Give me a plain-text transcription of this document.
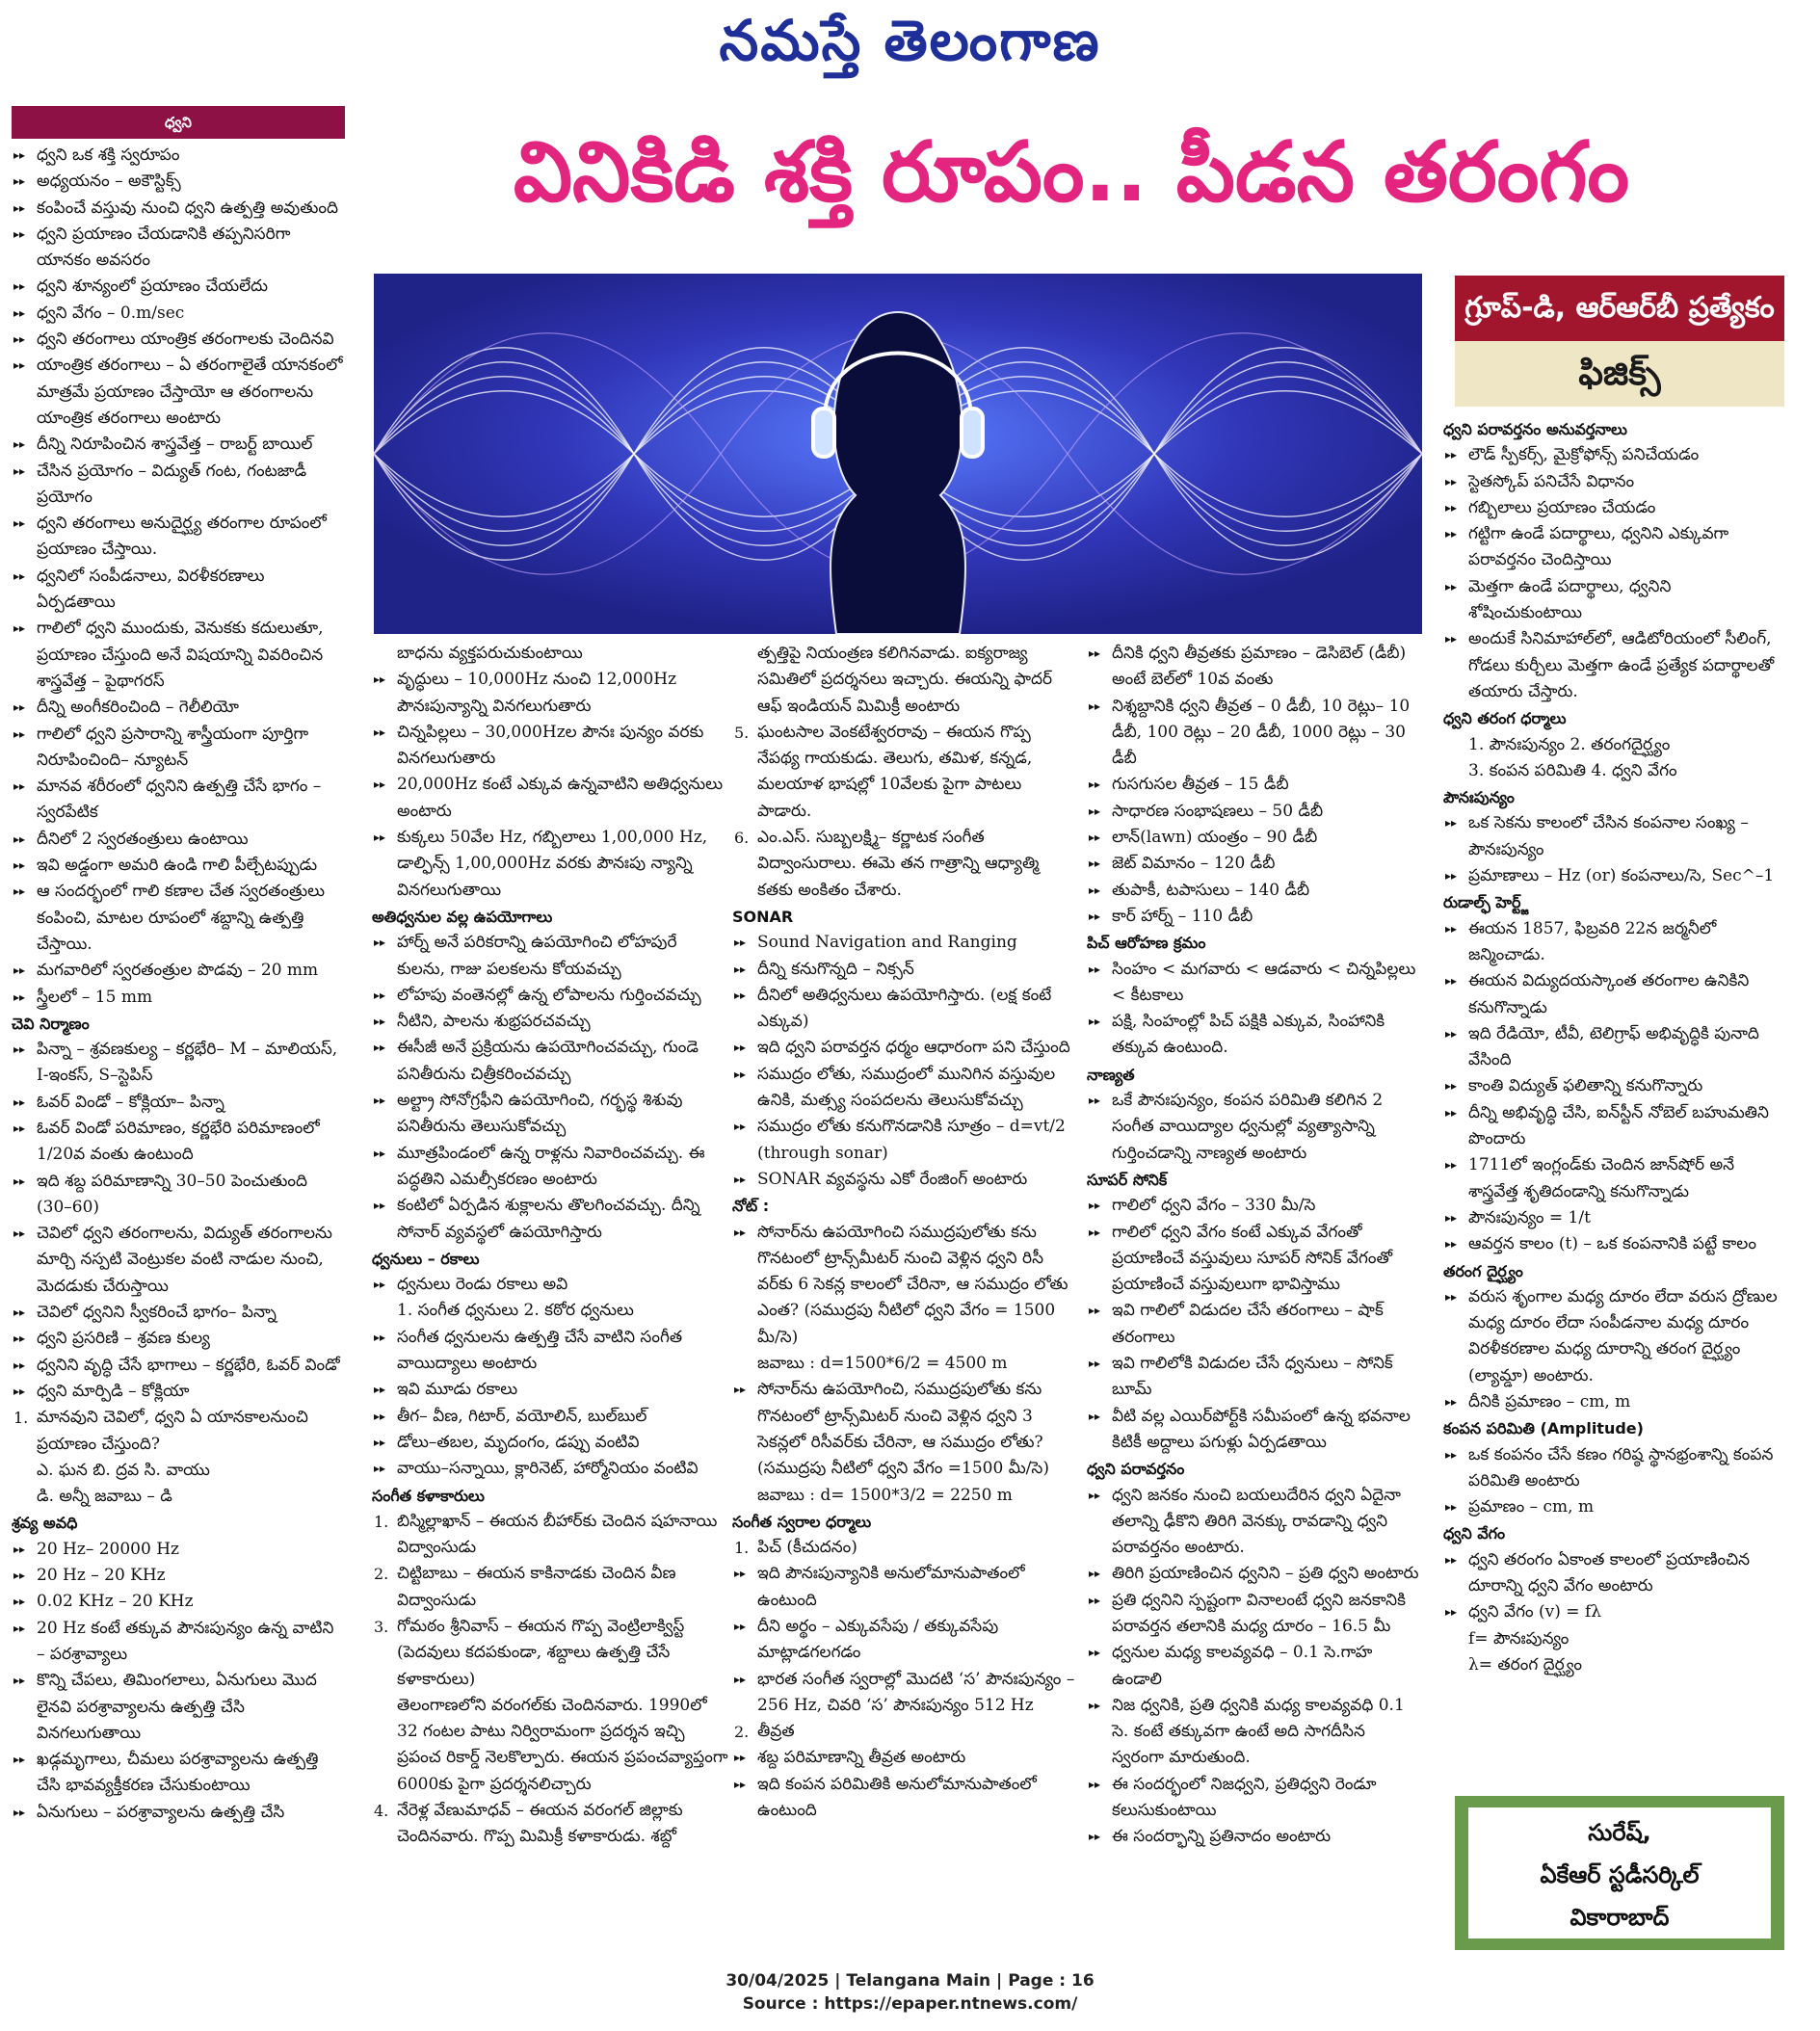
నమస్తే తెలంగాణ
వినికిడి శక్తి రూపం.. పీడన తరంగం
ధ్వని
▸▸ ధ్వని ఒక శక్తి స్వరూపం
▸▸ అధ్యయనం – అకౌస్టిక్స్‌
▸▸ కంపించే వస్తువు నుంచి ధ్వని ఉత్పత్తి అవుతుంది
▸▸ ధ్వని ప్రయాణం చేయడానికి తప్పనిసరిగా యానకం అవసరం
▸▸ ధ్వని శూన్యంలో ప్రయాణం చేయలేదు
▸▸ ధ్వని వేగం – 0.m/sec
▸▸ ధ్వని తరంగాలు యాంత్రిక తరంగాలకు చెందినవి
▸▸ యాంత్రిక తరంగాలు – ఏ తరంగాలైతే యానకంలో మాత్రమే ప్రయాణం చేస్తాయో ఆ తరంగాలను యాంత్రిక తరంగాలు అంటారు
▸▸ దీన్ని నిరూపించిన శాస్త్రవేత్త – రాబర్ట్‌ బాయిల్‌
▸▸ చేసిన ప్రయోగం – విద్యుత్‌ గంట, గంటజాడీ ప్రయోగం
▸▸ ధ్వని తరంగాలు అనుదైర్ఘ్య తరంగాల రూపంలో ప్రయాణం చేస్తాయి.
▸▸ ధ్వనిలో సంపీడనాలు, విరళీకరణాలు ఏర్పడతాయి
▸▸ గాలిలో ధ్వని ముందుకు, వెనుకకు కదులుతూ, ప్రయాణం చేస్తుంది అనే విషయాన్ని వివరించిన శాస్త్రవేత్త – పైథాగరస్‌
▸▸ దీన్ని అంగీకరించింది – గెలీలియో
▸▸ గాలిలో ధ్వని ప్రసారాన్ని శాస్త్రీయంగా పూర్తిగా నిరూపించింది– న్యూటన్‌
▸▸ మానవ శరీరంలో ధ్వనిని ఉత్పత్తి చేసే భాగం – స్వరపేటిక
▸▸ దీనిలో 2 స్వరతంత్రులు ఉంటాయి
▸▸ ఇవి అడ్డంగా అమరి ఉండి గాలి పీల్చేటప్పుడు
▸▸ ఆ సందర్భంలో గాలి కణాల చేత స్వరతంత్రులు కంపించి, మాటల రూపంలో శబ్దాన్ని ఉత్పత్తి చేస్తాయి.
▸▸ మగవారిలో స్వరతంత్రుల పొడవు – 20 mm
▸▸ స్త్రీలలో – 15 mm
చెవి నిర్మాణం
▸▸ పిన్నా – శ్రవణకుల్య – కర్ణభేరి– M – మాలియస్‌, I-ఇంకస్‌, S–స్టెపిస్‌
▸▸ ఓవర్‌ విండో – కోక్లియా– పిన్నా
▸▸ ఓవర్‌ విండో పరిమాణం, కర్ణభేరి పరిమాణంలో 1/20వ వంతు ఉంటుంది
▸▸ ఇది శబ్ద పరిమాణాన్ని 30–50 పెంచుతుంది (30–60)
▸▸ చెవిలో ధ్వని తరంగాలను, విద్యుత్‌ తరంగాలను మార్చి నస్పటి వెంట్రుకల వంటి నాడుల నుంచి, మెదడుకు చేరుస్తాయి
▸▸ చెవిలో ధ్వనిని స్వీకరించే భాగం– పిన్నా
▸▸ ధ్వని ప్రసరిణి – శ్రవణ కుల్య
▸▸ ధ్వనిని వృద్ధి చేసే భాగాలు – కర్ణభేరి, ఓవర్‌ విండో
▸▸ ధ్వని మార్పిడి – కోక్లియా
1. మానవుని చెవిలో, ధ్వని ఏ యానకాలనుంచి ప్రయాణం చేస్తుంది?
ఎ. ఘన బి. ద్రవ సి. వాయు
డి. అన్నీ జవాబు – డి
శ్రవ్య అవధి
▸▸ 20 Hz– 20000 Hz
▸▸ 20 Hz – 20 KHz
▸▸ 0.02 KHz – 20 KHz
▸▸ 20 Hz కంటే తక్కువ పౌనఃపున్యం ఉన్న వాటిని – పరశ్రావ్యాలు
▸▸ కొన్ని చేపలు, తిమింగలాలు, ఏనుగులు మొద లైనవి పరశ్రావ్యాలను ఉత్పత్తి చేసి వినగలుగుతాయి
▸▸ ఖడ్గమృగాలు, చీమలు పరశ్రావ్యాలను ఉత్పత్తి చేసి భావవ్యక్తీకరణ చేసుకుంటాయి
▸▸ ఏనుగులు – పరశ్రావ్యాలను ఉత్పత్తి చేసి
గ్రూప్‌-డి, ఆర్‌ఆర్‌బీ ప్రత్యేకం
ఫిజిక్స్‌
బాధను వ్యక్తపరుచుకుంటాయి
▸▸ వృద్ధులు – 10,000Hz నుంచి 12,000Hz పౌనఃపున్యాన్ని వినగలుగుతారు
▸▸ చిన్నపిల్లలు – 30,000Hzల పౌనః పున్యం వరకు వినగలుగుతారు
▸▸ 20,000Hz కంటే ఎక్కువ ఉన్నవాటిని అతిధ్వనులు అంటారు
▸▸ కుక్కలు 50వేల Hz, గబ్బిలాలు 1,00,000 Hz, డాల్ఫిన్స్‌ 1,00,000Hz వరకు పౌనఃపు న్యాన్ని వినగలుగుతాయి
అతిధ్వనుల వల్ల ఉపయోగాలు
▸▸ హార్న్‌ అనే పరికరాన్ని ఉపయోగించి లోహపురే కులను, గాజు పలకలను కోయవచ్చు
▸▸ లోహపు వంతెనల్లో ఉన్న లోపాలను గుర్తించవచ్చు
▸▸ నీటిని, పాలను శుభ్రపరచవచ్చు
▸▸ ఈసీజీ అనే ప్రక్రియను ఉపయోగించవచ్చు, గుండె పనితీరును చిత్రీకరించవచ్చు
▸▸ అల్ట్రా సోనోగ్రఫీని ఉపయోగించి, గర్భస్థ శిశువు పనితీరును తెలుసుకోవచ్చు
▸▸ మూత్రపిండంలో ఉన్న రాళ్లను నివారించవచ్చు. ఈ పద్ధతిని ఎమల్సీకరణం అంటారు
▸▸ కంటిలో ఏర్పడిన శుక్లాలను తొలగించవచ్చు. దీన్ని సోనార్‌ వ్యవస్థలో ఉపయోగిస్తారు
ధ్వనులు – రకాలు
▸▸ ధ్వనులు రెండు రకాలు అవి
1. సంగీత ధ్వనులు 2. కఠోర ధ్వనులు
▸▸ సంగీత ధ్వనులను ఉత్పత్తి చేసే వాటిని సంగీత వాయిద్యాలు అంటారు
▸▸ ఇవి మూడు రకాలు
▸▸ తీగ– వీణ, గిటార్‌, వయోలిన్‌, బుల్‌బుల్‌
▸▸ డోలు–తబల, మృదంగం, డప్పు వంటివి
▸▸ వాయు–సన్నాయి, క్లారినెట్‌, హార్మోనియం వంటివి
సంగీత కళాకారులు
1. బిస్మిల్లాఖాన్‌ – ఈయన బీహార్‌కు చెందిన షహనాయి విద్వాంసుడు
2. చిట్టిబాబు – ఈయన కాకినాడకు చెందిన వీణ విద్వాంసుడు
3. గోమఠం శ్రీనివాస్‌ – ఈయన గొప్ప వెంట్రిలాక్విస్ట్‌ (పెదవులు కదపకుండా, శబ్దాలు ఉత్పత్తి చేసే కళాకారులు)
తెలంగాణలోని వరంగల్‌కు చెందినవారు. 1990లో 32 గంటల పాటు నిర్విరామంగా ప్రదర్శన ఇచ్చి ప్రపంచ రికార్డ్‌ నెలకొల్పారు. ఈయన ప్రపంచవ్యాప్తంగా 6000కు పైగా ప్రదర్శనలిచ్చారు
4. నేరెళ్ల వేణుమాధవ్‌ – ఈయన వరంగల్‌ జిల్లాకు చెందినవారు. గొప్ప మిమిక్రీ కళాకారుడు. శబ్దో
త్పత్తిపై నియంత్రణ కలిగినవాడు. ఐక్యరాజ్య సమితిలో ప్రదర్శనలు ఇచ్చారు. ఈయన్ని ఫాదర్‌ ఆఫ్‌ ఇండియన్‌ మిమిక్రీ అంటారు
5. ఘంటసాల వెంకటేశ్వరరావు – ఈయన గొప్ప నేపథ్య గాయకుడు. తెలుగు, తమిళ, కన్నడ, మలయాళ భాషల్లో 10వేలకు పైగా పాటలు పాడారు.
6. ఎం.ఎస్‌. సుబ్బలక్ష్మి– కర్ణాటక సంగీత విద్వాంసురాలు. ఈమె తన గాత్రాన్ని ఆధ్యాత్మి కతకు అంకితం చేశారు.
SONAR
▸▸ Sound Navigation and Ranging
▸▸ దీన్ని కనుగొన్నది – నిక్సన్‌
▸▸ దీనిలో అతిధ్వనులు ఉపయోగిస్తారు. (లక్ష కంటే ఎక్కువ)
▸▸ ఇది ధ్వని పరావర్తన ధర్మం ఆధారంగా పని చేస్తుంది
▸▸ సముద్రం లోతు, సముద్రంలో మునిగిన వస్తువుల ఉనికి, మత్స్య సంపదలను తెలుసుకోవచ్చు
▸▸ సముద్రం లోతు కనుగొనడానికి సూత్రం – d=vt/2 (through sonar)
▸▸ SONAR వ్యవస్థను ఎకో రేంజింగ్‌ అంటారు
నోట్‌ :
▸▸ సోనార్‌ను ఉపయోగించి సముద్రపులోతు కను గొనటంలో ట్రాన్స్‌మీటర్‌ నుంచి వెళ్లిన ధ్వని రిసీ వర్‌కు 6 సెకన్ల కాలంలో చేరినా, ఆ సముద్రం లోతు ఎంత? (సముద్రపు నీటిలో ధ్వని వేగం = 1500 మీ/సె)
జవాబు : d=1500*6/2 = 4500 m
▸▸ సోనార్‌ను ఉపయోగించి, సముద్రపులోతు కను గొనటంలో ట్రాన్స్‌మిటర్‌ నుంచి వెళ్లిన ధ్వని 3 సెకన్లలో రిసీవర్‌కు చేరినా, ఆ సముద్రం లోతు? (సముద్రపు నీటిలో ధ్వని వేగం =1500 మీ/సె)
జవాబు : d= 1500*3/2 = 2250 m
సంగీత స్వరాల ధర్మాలు
1. పిచ్‌ (కీచుదనం)
▸▸ ఇది పౌనఃపున్యానికి అనులోమానుపాతంలో ఉంటుంది
▸▸ దీని అర్థం – ఎక్కువసేపు / తక్కువసేపు మాట్లాడగలగడం
▸▸ భారత సంగీత స్వరాల్లో మొదటి ‘స’ పౌనఃపున్యం – 256 Hz, చివరి ‘స’ పౌనఃపున్యం 512 Hz
2. తీవ్రత
▸▸ శబ్ద పరిమాణాన్ని తీవ్రత అంటారు
▸▸ ఇది కంపన పరిమితికి అనులోమానుపాతంలో ఉంటుంది
▸▸ దీనికి ధ్వని తీవ్రతకు ప్రమాణం – డెసిబెల్‌ (డీబీ) అంటే బెల్‌లో 10వ వంతు
▸▸ నిశ్శబ్దానికి ధ్వని తీవ్రత – 0 డీబీ, 10 రెట్లు– 10 డీబీ, 100 రెట్లు – 20 డీబీ, 1000 రెట్లు – 30 డీబీ
▸▸ గుసగుసల తీవ్రత – 15 డీబీ
▸▸ సాధారణ సంభాషణలు – 50 డీబీ
▸▸ లాన్‌(lawn) యంత్రం – 90 డీబీ
▸▸ జెట్‌ విమానం – 120 డీబీ
▸▸ తుపాకీ, టపాసులు – 140 డీబీ
▸▸ కార్‌ హార్న్‌ – 110 డీబీ
పిచ్‌ ఆరోహణ క్రమం
▸▸ సింహం < మగవారు < ఆడవారు < చిన్నపిల్లలు < కీటకాలు
▸▸ పక్షి, సింహంల్లో పిచ్‌ పక్షికి ఎక్కువ, సింహానికి తక్కువ ఉంటుంది.
నాణ్యత
▸▸ ఒకే పౌనఃపున్యం, కంపన పరిమితి కలిగిన 2 సంగీత వాయిద్యాల ధ్వనుల్లో వ్యత్యాసాన్ని గుర్తించడాన్ని నాణ్యత అంటారు
సూపర్‌ సోనిక్‌
▸▸ గాలిలో ధ్వని వేగం – 330 మీ/సె
▸▸ గాలిలో ధ్వని వేగం కంటే ఎక్కువ వేగంతో ప్రయాణించే వస్తువులు సూపర్‌ సోనిక్‌ వేగంతో ప్రయాణించే వస్తువులుగా భావిస్తాము
▸▸ ఇవి గాలిలో విడుదల చేసే తరంగాలు – షాక్‌ తరంగాలు
▸▸ ఇవి గాలిలోకి విడుదల చేసే ధ్వనులు – సోనిక్‌ బూమ్‌
▸▸ వీటి వల్ల ఎయిర్‌పోర్ట్‌కి సమీపంలో ఉన్న భవనాల కిటికీ అద్దాలు పగుళ్లు ఏర్పడతాయి
ధ్వని పరావర్తనం
▸▸ ధ్వని జనకం నుంచి బయలుదేరిన ధ్వని ఏదైనా తలాన్ని ఢీకొని తిరిగి వెనక్కు రావడాన్ని ధ్వని పరావర్తనం అంటారు.
▸▸ తిరిగి ప్రయాణించిన ధ్వనిని – ప్రతి ధ్వని అంటారు
▸▸ ప్రతి ధ్వనిని స్పష్టంగా వినాలంటే ధ్వని జనకానికి పరావర్తన తలానికి మధ్య దూరం – 16.5 మీ
▸▸ ధ్వనుల మధ్య కాలవ్యవధి – 0.1 సె.గాహ ఉండాలి
▸▸ నిజ ధ్వనికి, ప్రతి ధ్వనికి మధ్య కాలవ్యవధి 0.1 సె. కంటే తక్కువగా ఉంటే అది సాగదీసిన స్వరంగా మారుతుంది.
▸▸ ఈ సందర్భంలో నిజధ్వని, ప్రతిధ్వని రెండూ కలుసుకుంటాయి
▸▸ ఈ సందర్భాన్ని ప్రతినాదం అంటారు
ధ్వని పరావర్తనం అనువర్తనాలు
▸▸ లౌడ్‌ స్పీకర్స్‌, మైక్రోఫోన్స్‌ పనిచేయడం
▸▸ స్టెతస్కోప్‌ పనిచేసే విధానం
▸▸ గబ్బిలాలు ప్రయాణం చేయడం
▸▸ గట్టిగా ఉండే పదార్థాలు, ధ్వనిని ఎక్కువగా పరావర్తనం చెందిస్తాయి
▸▸ మెత్తగా ఉండే పదార్థాలు, ధ్వనిని శోషించుకుంటాయి
▸▸ అందుకే సినిమాహాల్‌లో, ఆడిటోరియంలో సీలింగ్‌, గోడలు కుర్చీలు మెత్తగా ఉండే ప్రత్యేక పదార్థాలతో తయారు చేస్తారు.
ధ్వని తరంగ ధర్మాలు
1. పౌనఃపున్యం 2. తరంగదైర్ఘ్యం
3. కంపన పరిమితి 4. ధ్వని వేగం
పౌనఃపున్యం
▸▸ ఒక సెకను కాలంలో చేసిన కంపనాల సంఖ్య – పౌనఃపున్యం
▸▸ ప్రమాణాలు – Hz (or) కంపనాలు/సె, Sec^–1
రుడాల్ఫ్‌ హెర్ట్జ్‌
▸▸ ఈయన 1857, ఫిబ్రవరి 22న జర్మనీలో జన్మించాడు.
▸▸ ఈయన విద్యుదయస్కాంత తరంగాల ఉనికిని కనుగొన్నాడు
▸▸ ఇది రేడియో, టీవీ, టెలిగ్రాఫ్‌ అభివృద్ధికి పునాది వేసింది
▸▸ కాంతి విద్యుత్‌ ఫలితాన్ని కనుగొన్నారు
▸▸ దీన్ని అభివృద్ధి చేసి, ఐన్‌స్టీన్‌ నోబెల్‌ బహుమతిని పొందారు
▸▸ 1711లో ఇంగ్లండ్‌కు చెందిన జాన్‌షోర్‌ అనే శాస్త్రవేత్త శృతిదండాన్ని కనుగొన్నాడు
▸▸ పౌనఃపున్యం = 1/t
▸▸ ఆవర్తన కాలం (t) – ఒక కంపనానికి పట్టే కాలం
తరంగ దైర్ఘ్యం
▸▸ వరుస శృంగాల మధ్య దూరం లేదా వరుస ద్రోణుల మధ్య దూరం లేదా సంపీడనాల మధ్య దూరం విరళీకరణాల మధ్య దూరాన్ని తరంగ దైర్ఘ్యం (ల్యామ్డా) అంటారు.
▸▸ దీనికి ప్రమాణం – cm, m
కంపన పరిమితి (Amplitude)
▸▸ ఒక కంపనం చేసే కణం గరిష్ఠ స్థానభ్రంశాన్ని కంపన పరిమితి అంటారు
▸▸ ప్రమాణం – cm, m
ధ్వని వేగం
▸▸ ధ్వని తరంగం ఏకాంత కాలంలో ప్రయాణించిన దూరాన్ని ధ్వని వేగం అంటారు
▸▸ ధ్వని వేగం (v) = fλ
f= పౌనఃపున్యం
λ= తరంగ దైర్ఘ్యం
సురేష్‌,
ఏకేఆర్‌ స్టడీసర్కిల్‌
వికారాబాద్‌
30/04/2025 | Telangana Main | Page : 16
Source : https://epaper.ntnews.com/
